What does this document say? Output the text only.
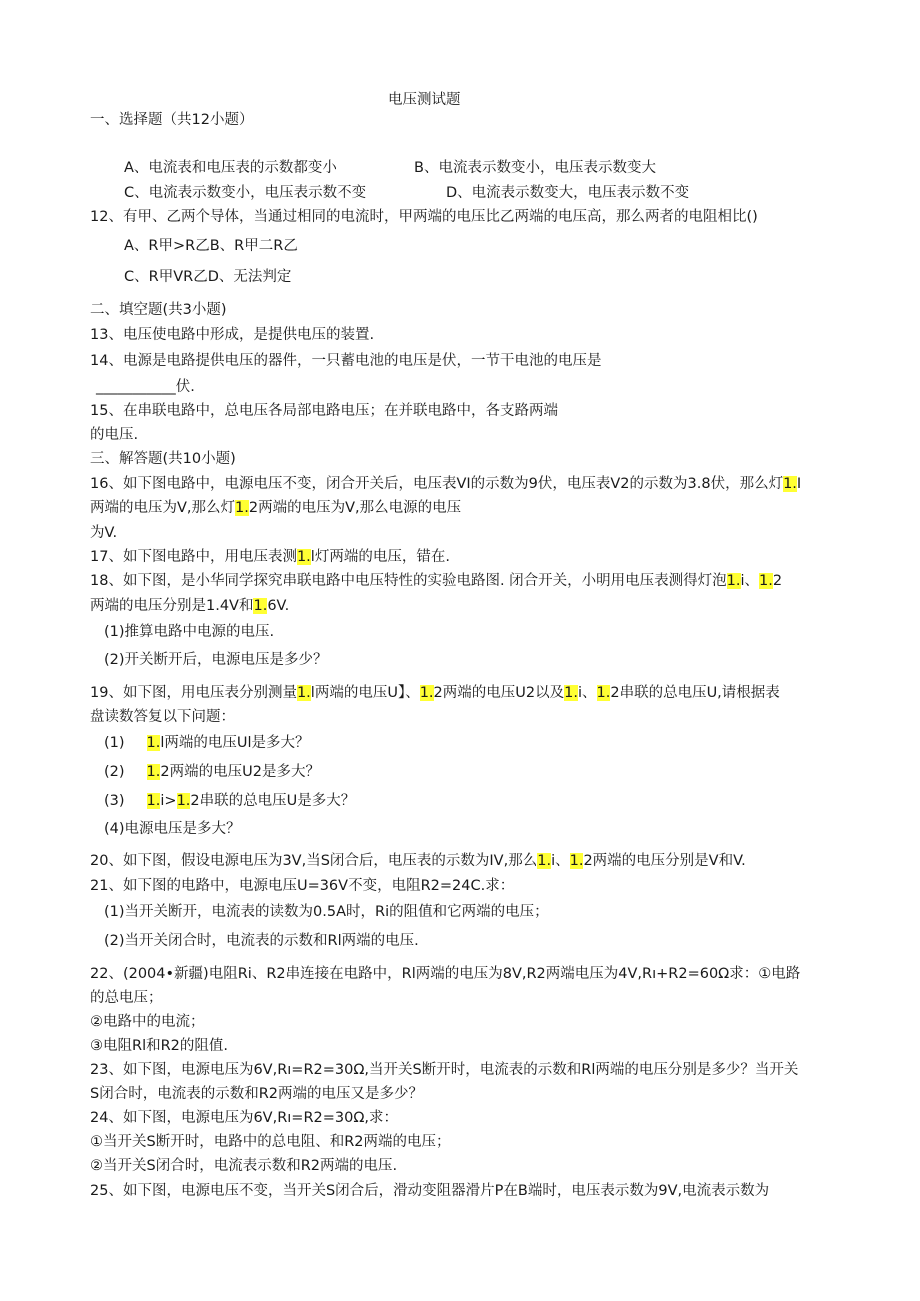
电压测试题
一、选择题（共12小题）
A、电流表和电压表的示数都变小	B、电流表示数变小，电压表示数变大
C、电流表示数变小，电压表示数不变	D、电流表示数变大，电压表示数不变
12、有甲、乙两个导体，当通过相同的电流时，甲两端的电压比乙两端的电压高，那么两者的电阻相比()
A、R甲>R乙B、R甲二R乙
C、R甲VR乙D、无法判定
二、填空题(共3小题)
13、电压使电路中形成，是提供电压的装置.
14、电源是电路提供电压的器件，一只蓄电池的电压是伏，一节干电池的电压是
___________伏.
15、在串联电路中，总电压各局部电路电压；在并联电路中，各支路两端
的电压.
三、解答题(共10小题)
16、如下图电路中，电源电压不变，闭合开关后，电压表VI的示数为9伏，电压表V2的示数为3.8伏，那么灯1.I
两端的电压为V,那么灯1.2两端的电压为V,那么电源的电压
为V.
17、如下图电路中，用电压表测1.l灯两端的电压，错在.
18、如下图，是小华同学探究串联电路中电压特性的实验电路图. 闭合开关，小明用电压表测得灯泡1.i、1.2
两端的电压分别是1.4V和1.6V.
(1)推算电路中电源的电压.
(2)开关断开后，电源电压是多少？
19、如下图，用电压表分别测量1.l两端的电压U】、1.2两端的电压U2以及1.i、1.2串联的总电压U,请根据表
盘读数答复以下问题：
(1) 1.l两端的电压Ul是多大？
(2) 1.2两端的电压U2是多大？
(3) 1.i>1.2串联的总电压U是多大？
(4)电源电压是多大？
20、如下图，假设电源电压为3V,当S闭合后，电压表的示数为IV,那么1.i、1.2两端的电压分别是V和V.
21、如下图的电路中，电源电压U=36V不变，电阻R2=24C.求：
(1)当开关断开，电流表的读数为0.5A时，Ri的阻值和它两端的电压；
(2)当开关闭合时，电流表的示数和Rl两端的电压.
22、(2004•新疆)电阻Ri、R2串连接在电路中，Rl两端的电压为8V,R2两端电压为4V,Rı+R2=60Ω求：①电路
的总电压；
②电路中的电流；
③电阻Rl和R2的阻值.
23、如下图，电源电压为6V,Rı=R2=30Ω,当开关S断开时，电流表的示数和Rl两端的电压分别是多少？当开关
S闭合时，电流表的示数和R2两端的电压又是多少？
24、如下图，电源电压为6V,Rı=R2=30Ω,求：
①当开关S断开时，电路中的总电阻、和R2两端的电压；
②当开关S闭合时，电流表示数和R2两端的电压.
25、如下图，电源电压不变，当开关S闭合后，滑动变阻器滑片P在B端时，电压表示数为9V,电流表示数为
